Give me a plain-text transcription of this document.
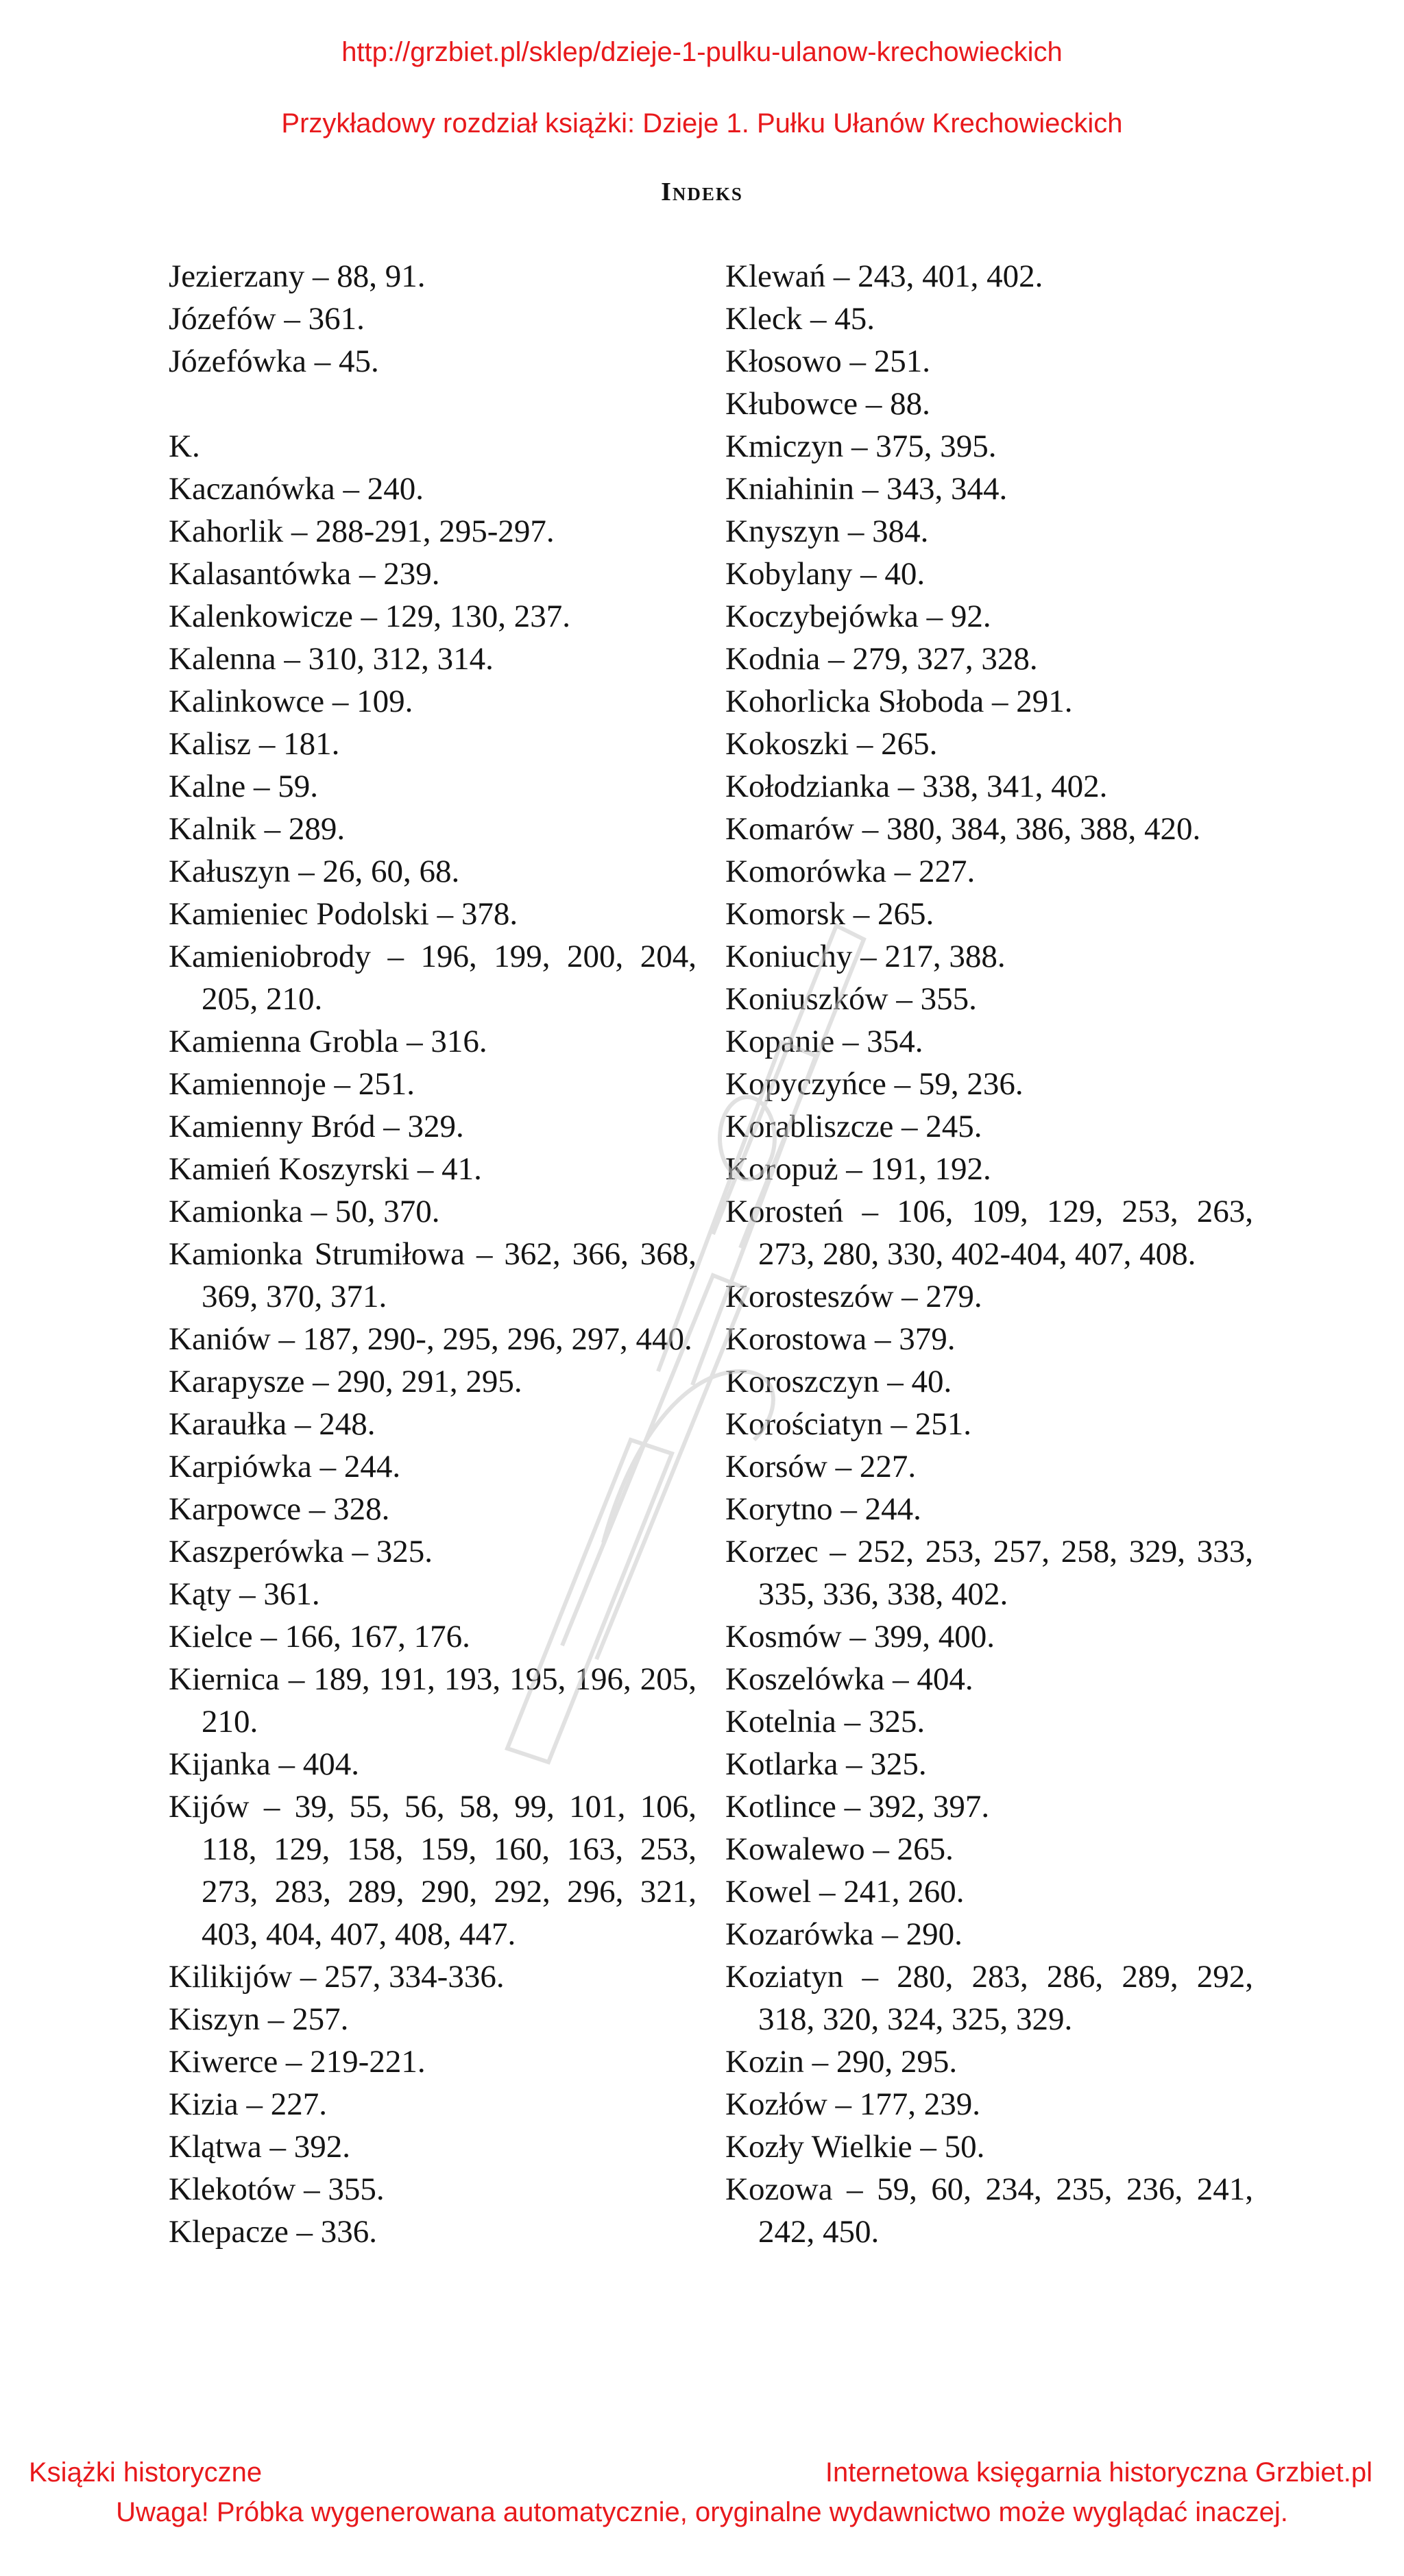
http://grzbiet.pl/sklep/dzieje-1-pulku-ulanow-krechowieckich
Przykładowy rozdział książki: Dzieje 1. Pułku Ułanów Krechowieckich
Indeks
Jezierzany – 88, 91.
Józefów – 361.
Józefówka – 45.
K.
Kaczanówka – 240.
Kahorlik – 288-291, 295-297.
Kalasantówka – 239.
Kalenkowicze – 129, 130, 237.
Kalenna – 310, 312, 314.
Kalinkowce – 109.
Kalisz – 181.
Kalne – 59.
Kalnik – 289.
Kałuszyn – 26, 60, 68.
Kamieniec Podolski – 378.
Kamieniobrody – 196, 199, 200, 204, 205, 210.
Kamienna Grobla – 316.
Kamiennoje – 251.
Kamienny Bród – 329.
Kamień Koszyrski – 41.
Kamionka – 50, 370.
Kamionka Strumiłowa – 362, 366, 368, 369, 370, 371.
Kaniów – 187, 290-, 295, 296, 297, 440.
Karapysze – 290, 291, 295.
Karaułka – 248.
Karpiówka – 244.
Karpowce – 328.
Kaszperówka – 325.
Kąty – 361.
Kielce – 166, 167, 176.
Kiernica – 189, 191, 193, 195, 196, 205, 210.
Kijanka – 404.
Kijów – 39, 55, 56, 58, 99, 101, 106, 118, 129, 158, 159, 160, 163, 253, 273, 283, 289, 290, 292, 296, 321, 403, 404, 407, 408, 447.
Kilikijów – 257, 334-336.
Kiszyn – 257.
Kiwerce – 219-221.
Kizia – 227.
Klątwa – 392.
Klekotów – 355.
Klepacze – 336.
Klewań – 243, 401, 402.
Kleck – 45.
Kłosowo – 251.
Kłubowce – 88.
Kmiczyn – 375, 395.
Kniahinin – 343, 344.
Knyszyn – 384.
Kobylany – 40.
Koczybejówka – 92.
Kodnia – 279, 327, 328.
Kohorlicka Słoboda – 291.
Kokoszki – 265.
Kołodzianka – 338, 341, 402.
Komarów – 380, 384, 386, 388, 420.
Komorówka – 227.
Komorsk – 265.
Koniuchy – 217, 388.
Koniuszków – 355.
Kopanie – 354.
Kopyczyńce – 59, 236.
Korabliszcze – 245.
Koropuż – 191, 192.
Korosteń – 106, 109, 129, 253, 263, 273, 280, 330, 402-404, 407, 408.
Korosteszów – 279.
Korostowa – 379.
Koroszczyn – 40.
Korościatyn – 251.
Korsów – 227.
Korytno – 244.
Korzec – 252, 253, 257, 258, 329, 333, 335, 336, 338, 402.
Kosmów – 399, 400.
Koszelówka – 404.
Kotelnia – 325.
Kotlarka – 325.
Kotlince – 392, 397.
Kowalewo – 265.
Kowel – 241, 260.
Kozarówka – 290.
Koziatyn – 280, 283, 286, 289, 292, 318, 320, 324, 325, 329.
Kozin – 290, 295.
Kozłów – 177, 239.
Kozły Wielkie – 50.
Kozowa – 59, 60, 234, 235, 236, 241, 242, 450.
Książki historyczne	Internetowa księgarnia historyczna Grzbiet.pl
Uwaga! Próbka wygenerowana automatycznie, oryginalne wydawnictwo może wyglądać inaczej.
